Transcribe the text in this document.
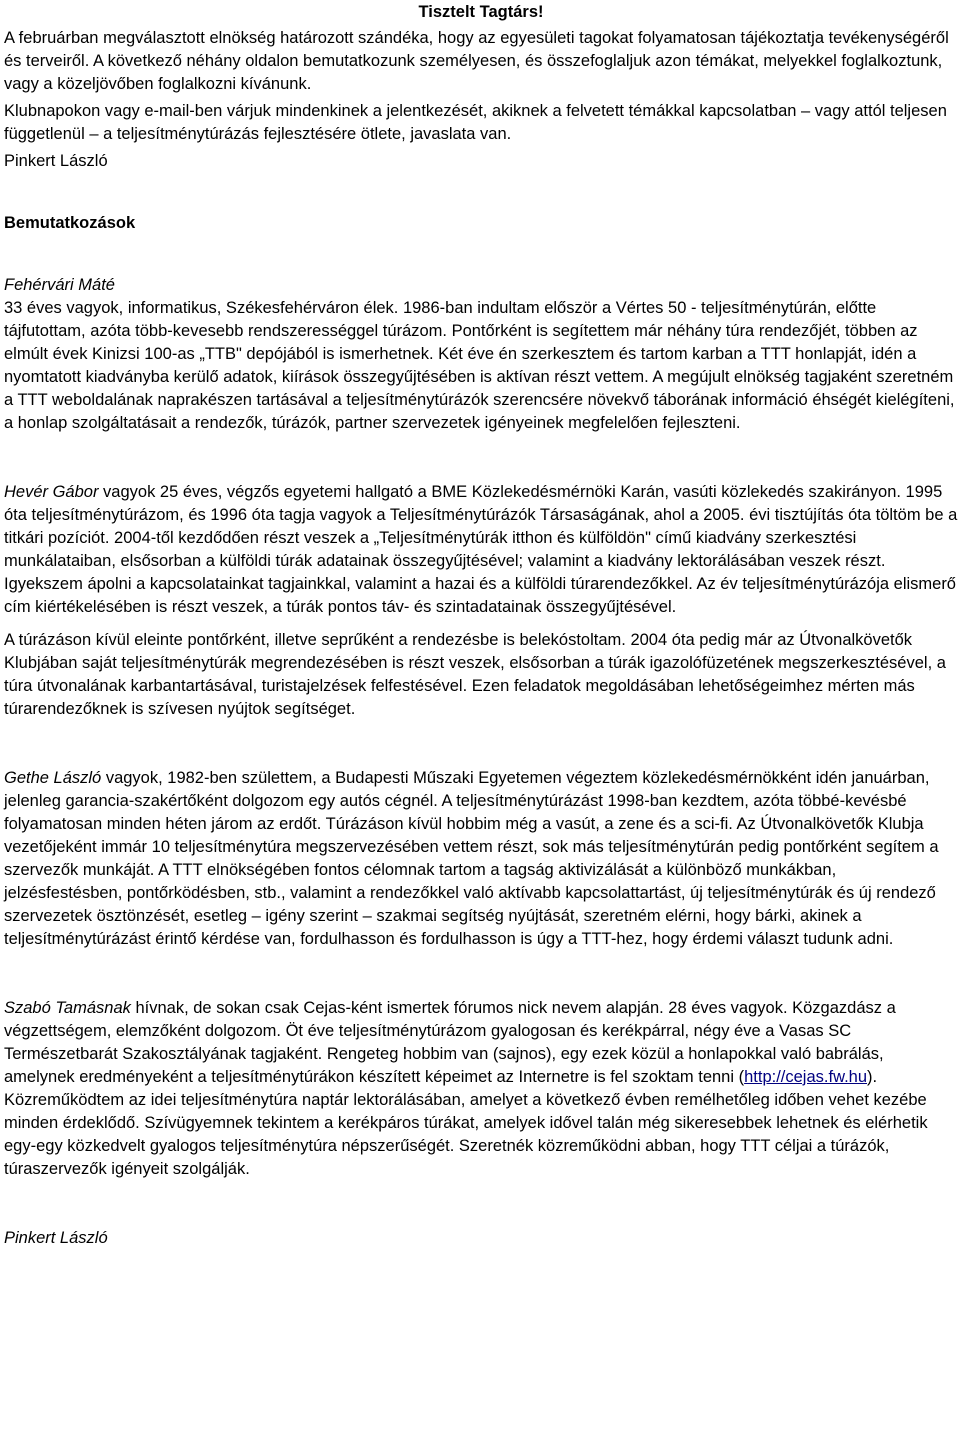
Tisztelt Tagtárs!

A februárban megválasztott elnökség határozott szándéka, hogy az egyesületi tagokat folyamatosan tájékoztatja tevékenységéről és terveiről. A következő néhány oldalon bemutatkozunk személyesen, és összefoglaljuk azon témákat, melyekkel foglalkoztunk, vagy a közeljövőben foglalkozni kívánunk.

Klubnapokon vagy e-mail-ben várjuk mindenkinek a jelentkezését, akiknek a felvetett témákkal kapcsolatban – vagy attól teljesen függetlenül – a teljesítménytúrázás fejlesztésére ötlete, javaslata van.

Pinkert László

Bemutatkozások

Fehérvári Máté

33 éves vagyok, informatikus, Székesfehérváron élek. 1986-ban indultam először a Vértes 50 - teljesítménytúrán, előtte tájfutottam, azóta több-kevesebb rendszerességgel túrázom. Pontőrként is segítettem már néhány túra rendezőjét, többen az elmúlt évek Kinizsi 100-as „TTB" depójából is ismerhetnek. Két éve én szerkesztem és tartom karban a TTT honlapját, idén a nyomtatott kiadványba kerülő adatok, kiírások összegyűjtésében is aktívan részt vettem. A megújult elnökség tagjaként szeretném a TTT weboldalának naprakészen tartásával a teljesítménytúrázók szerencsére növekvő táborának információ éhségét kielégíteni, a honlap szolgáltatásait a rendezők, túrázók, partner szervezetek igényeinek megfelelően fejleszteni.

Hevér Gábor vagyok 25 éves, végzős egyetemi hallgató a BME Közlekedésmérnöki Karán, vasúti közlekedés szakirányon. 1995 óta teljesítménytúrázom, és 1996 óta tagja vagyok a Teljesítménytúrázók Társaságának, ahol a 2005. évi tisztújítás óta töltöm be a titkári pozíciót. 2004-től kezdődően részt veszek a „Teljesítménytúrák itthon és külföldön" című kiadvány szerkesztési munkálataiban, elsősorban a külföldi túrák adatainak összegyűjtésével; valamint a kiadvány lektorálásában veszek részt. Igyekszem ápolni a kapcsolatainkat tagjainkkal, valamint a hazai és a külföldi túrarendezőkkel. Az év teljesítménytúrázója elismerő cím kiértékelésében is részt veszek, a túrák pontos táv- és szintadatainak összegyűjtésével.

A túrázáson kívül eleinte pontőrként, illetve seprűként a rendezésbe is belekóstoltam. 2004 óta pedig már az Útvonalkövetők Klubjában saját teljesítménytúrák megrendezésében is részt veszek, elsősorban a túrák igazolófüzetének megszerkesztésével, a túra útvonalának karbantartásával, turistajelzések felfestésével. Ezen feladatok megoldásában lehetőségeimhez mérten más túrarendezőknek is szívesen nyújtok segítséget.

Gethe László vagyok, 1982-ben születtem, a Budapesti Műszaki Egyetemen végeztem közlekedésmérnökként idén januárban, jelenleg garancia-szakértőként dolgozom egy autós cégnél. A teljesítménytúrázást 1998-ban kezdtem, azóta többé-kevésbé folyamatosan minden héten járom az erdőt. Túrázáson kívül hobbim még a vasút, a zene és a sci-fi. Az Útvonalkövetők Klubja vezetőjeként immár 10 teljesítménytúra megszervezésében vettem részt, sok más teljesítménytúrán pedig pontőrként segítem a szervezők munkáját. A TTT elnökségében fontos célomnak tartom a tagság aktivizálását a különböző munkákban, jelzésfestésben, pontőrködésben, stb., valamint a rendezőkkel való aktívabb kapcsolattartást, új teljesítménytúrák és új rendező szervezetek ösztönzését, esetleg – igény szerint – szakmai segítség nyújtását, szeretném elérni, hogy bárki, akinek a teljesítménytúrázást érintő kérdése van, fordulhasson és fordulhasson is úgy a TTT-hez, hogy érdemi választ tudunk adni.

Szabó Tamásnak hívnak, de sokan csak Cejas-ként ismertek fórumos nick nevem alapján. 28 éves vagyok. Közgazdász a végzettségem, elemzőként dolgozom. Öt éve teljesítménytúrázom gyalogosan és kerékpárral, négy éve a Vasas SC Természetbarát Szakosztályának tagjaként. Rengeteg hobbim van (sajnos), egy ezek közül a honlapokkal való babrálás, amelynek eredményeként a teljesítménytúrákon készített képeimet az Internetre is fel szoktam tenni (http://cejas.fw.hu).

Közreműködtem az idei teljesítménytúra naptár lektorálásában, amelyet a következő évben remélhetőleg időben vehet kezébe minden érdeklődő. Szívügyemnek tekintem a kerékpáros túrákat, amelyek idővel talán még sikeresebbek lehetnek és elérhetik egy-egy közkedvelt gyalogos teljesítménytúra népszerűségét. Szeretnék közreműködni abban, hogy TTT céljai a túrázók, túraszervezők igényeit szolgálják.

Pinkert László
